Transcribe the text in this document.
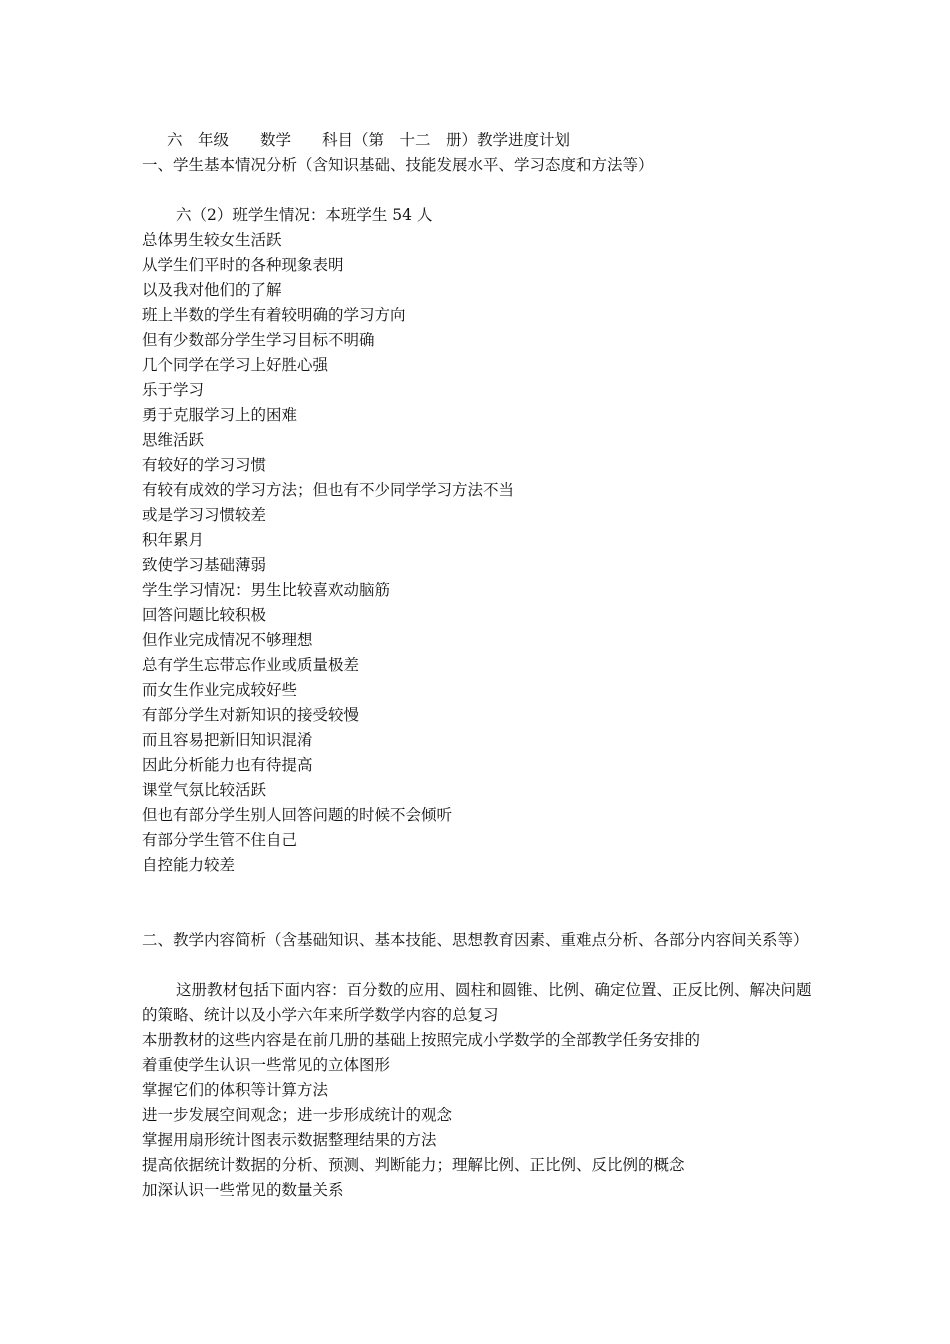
六　年级　　数学　　科目（第　十二　册）教学进度计划

一、学生基本情况分析（含知识基础、技能发展水平、学习态度和方法等）

六（2）班学生情况：本班学生 54 人

总体男生较女生活跃

从学生们平时的各种现象表明

以及我对他们的了解

班上半数的学生有着较明确的学习方向

但有少数部分学生学习目标不明确

几个同学在学习上好胜心强

乐于学习

勇于克服学习上的困难

思维活跃

有较好的学习习惯

有较有成效的学习方法；但也有不少同学学习方法不当

或是学习习惯较差

积年累月

致使学习基础薄弱

学生学习情况：男生比较喜欢动脑筋

回答问题比较积极

但作业完成情况不够理想

总有学生忘带忘作业或质量极差

而女生作业完成较好些

有部分学生对新知识的接受较慢

而且容易把新旧知识混淆

因此分析能力也有待提高

课堂气氛比较活跃

但也有部分学生别人回答问题的时候不会倾听

有部分学生管不住自己

自控能力较差

二、教学内容简析（含基础知识、基本技能、思想教育因素、重难点分析、各部分内容间关系等）

这册教材包括下面内容：百分数的应用、圆柱和圆锥、比例、确定位置、正反比例、解决问题的策略、统计以及小学六年来所学数学内容的总复习

本册教材的这些内容是在前几册的基础上按照完成小学数学的全部教学任务安排的

着重使学生认识一些常见的立体图形

掌握它们的体积等计算方法

进一步发展空间观念；进一步形成统计的观念

掌握用扇形统计图表示数据整理结果的方法

提高依据统计数据的分析、预测、判断能力；理解比例、正比例、反比例的概念

加深认识一些常见的数量关系
